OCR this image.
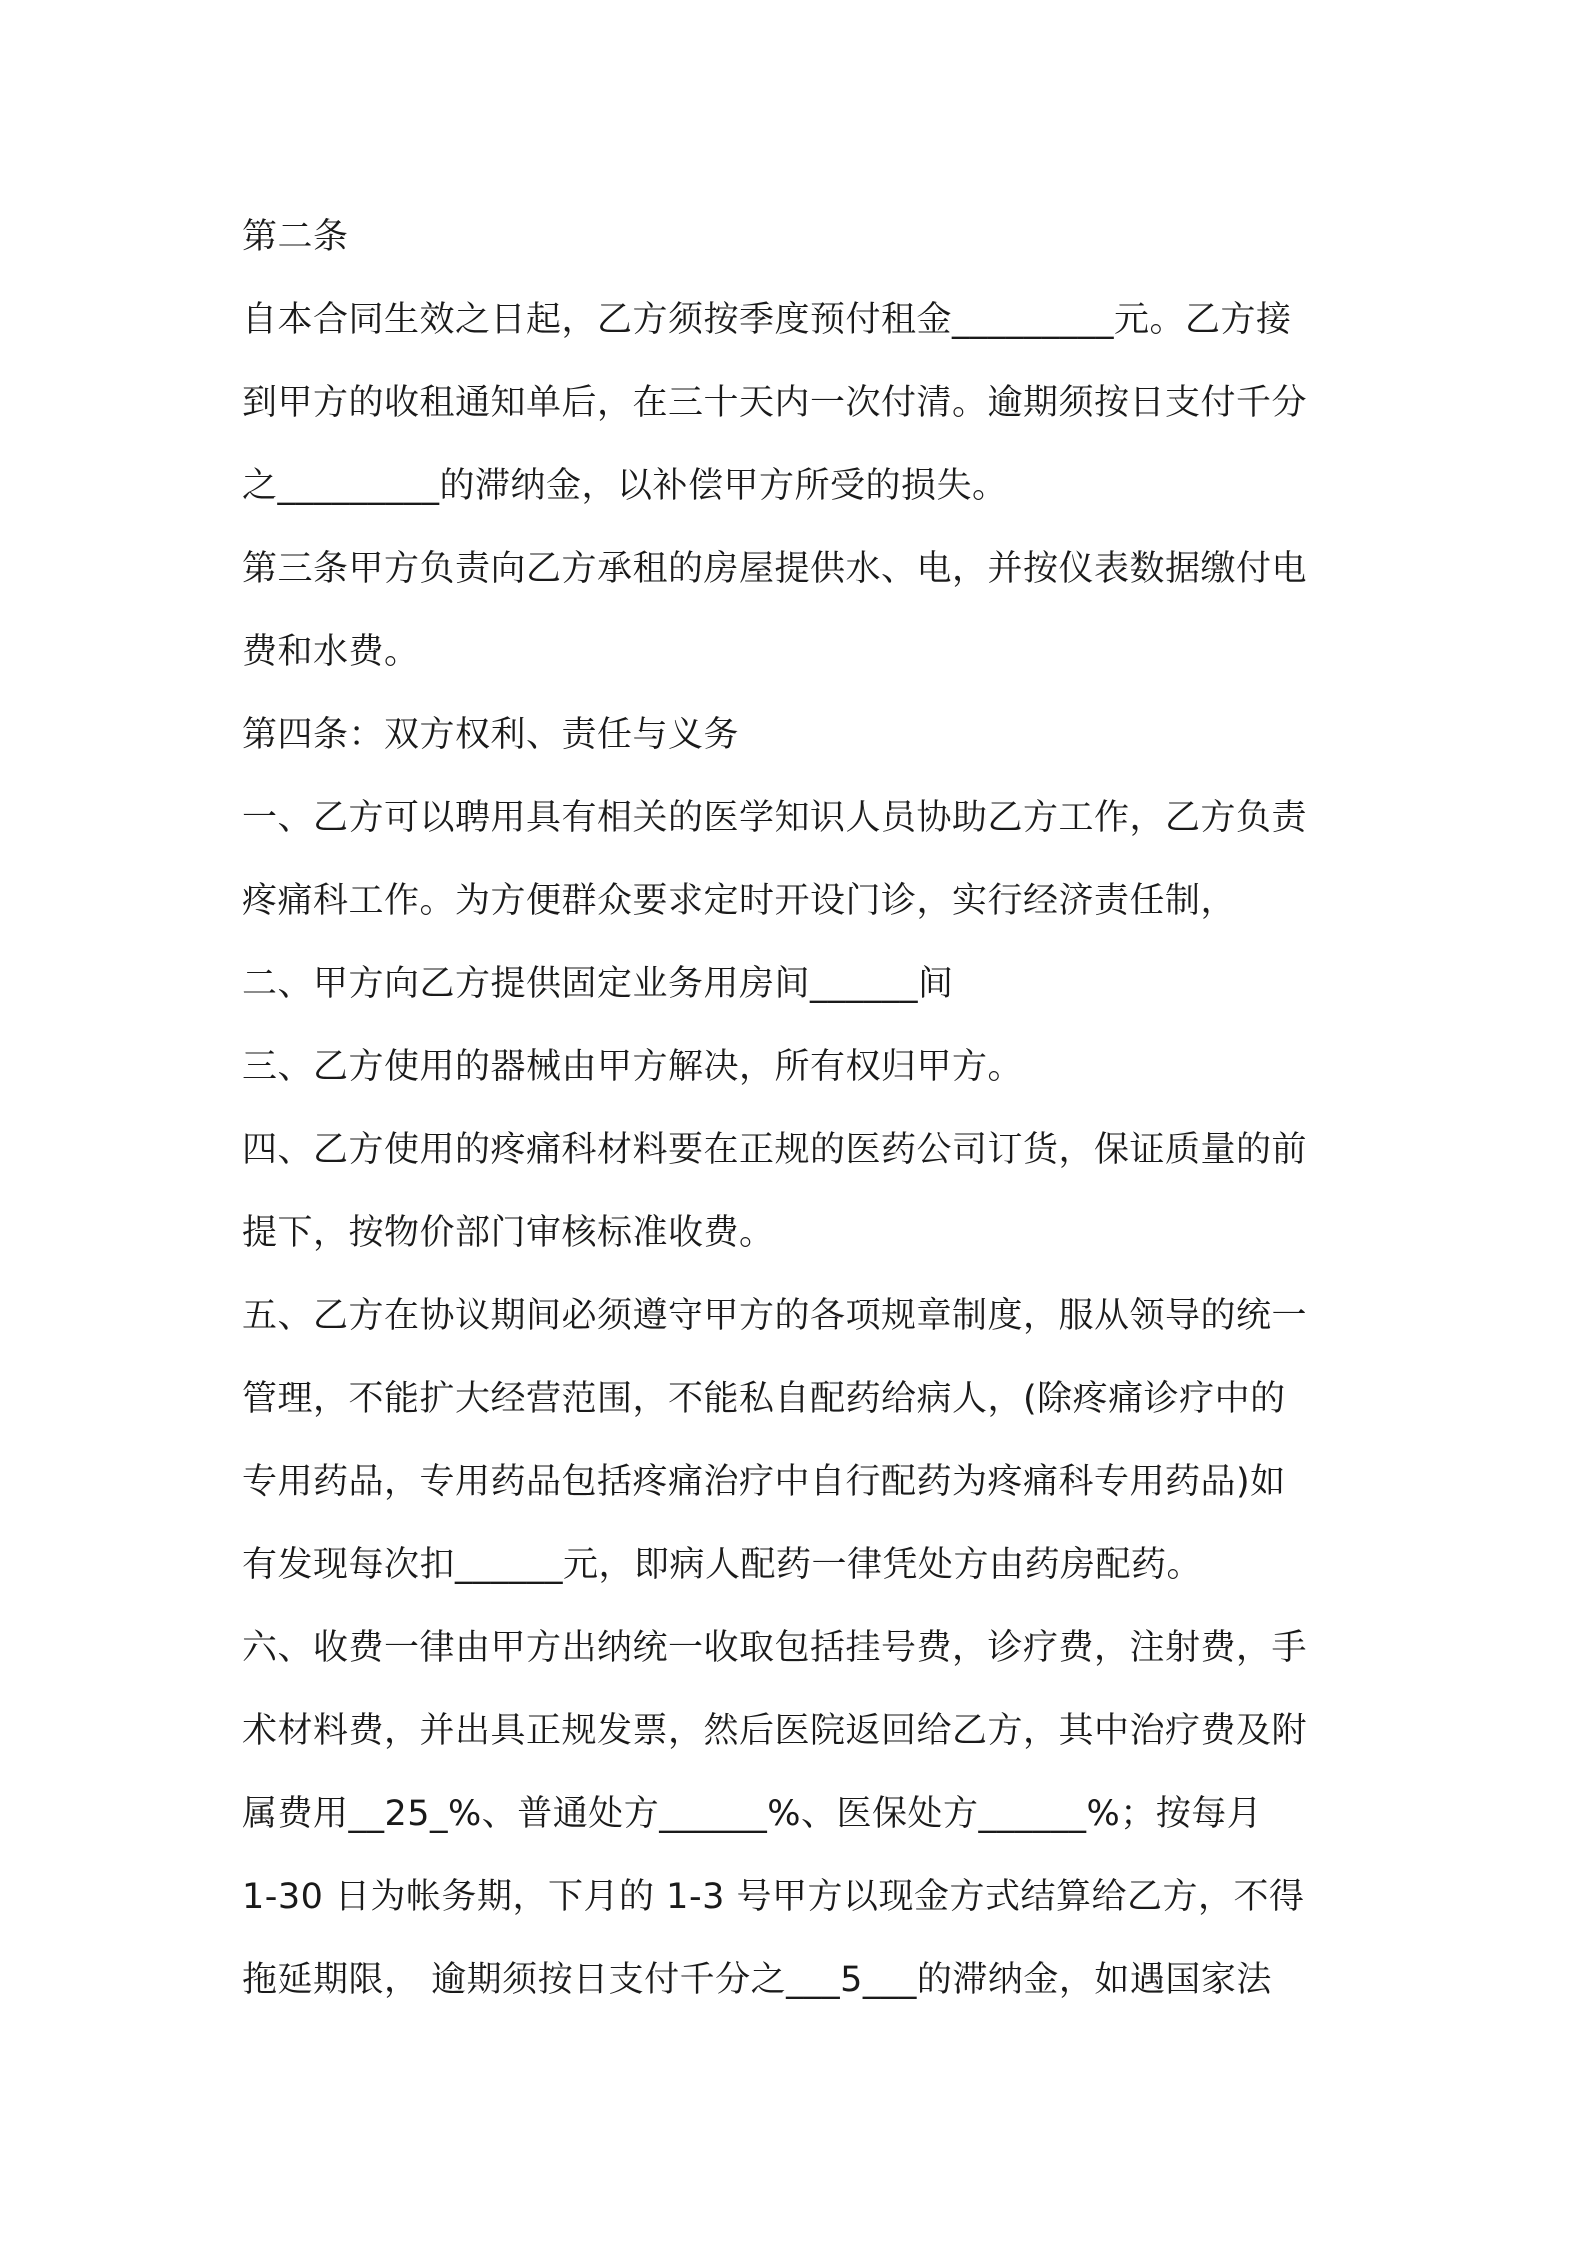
第二条

自本合同生效之日起，乙方须按季度预付租金_________元。乙方接
到甲方的收租通知单后，在三十天内一次付清。逾期须按日支付千分
之_________的滞纳金，以补偿甲方所受的损失。

第三条甲方负责向乙方承租的房屋提供水、电，并按仪表数据缴付电
费和水费。

第四条：双方权利、责任与义务

一、乙方可以聘用具有相关的医学知识人员协助乙方工作，乙方负责
疼痛科工作。为方便群众要求定时开设门诊，实行经济责任制，

二、甲方向乙方提供固定业务用房间______间

三、乙方使用的器械由甲方解决，所有权归甲方。

四、乙方使用的疼痛科材料要在正规的医药公司订货，保证质量的前
提下，按物价部门审核标准收费。

五、乙方在协议期间必须遵守甲方的各项规章制度，服从领导的统一
管理，不能扩大经营范围，不能私自配药给病人，(除疼痛诊疗中的
专用药品，专用药品包括疼痛治疗中自行配药为疼痛科专用药品)如
有发现每次扣______元，即病人配药一律凭处方由药房配药。

六、收费一律由甲方出纳统一收取包括挂号费，诊疗费，注射费，手
术材料费，并出具正规发票，然后医院返回给乙方，其中治疗费及附
属费用__25_%、普通处方______%、医保处方______%；按每月
1-30 日为帐务期，下月的 1-3 号甲方以现金方式结算给乙方，不得
拖延期限， 逾期须按日支付千分之___5___的滞纳金，如遇国家法
